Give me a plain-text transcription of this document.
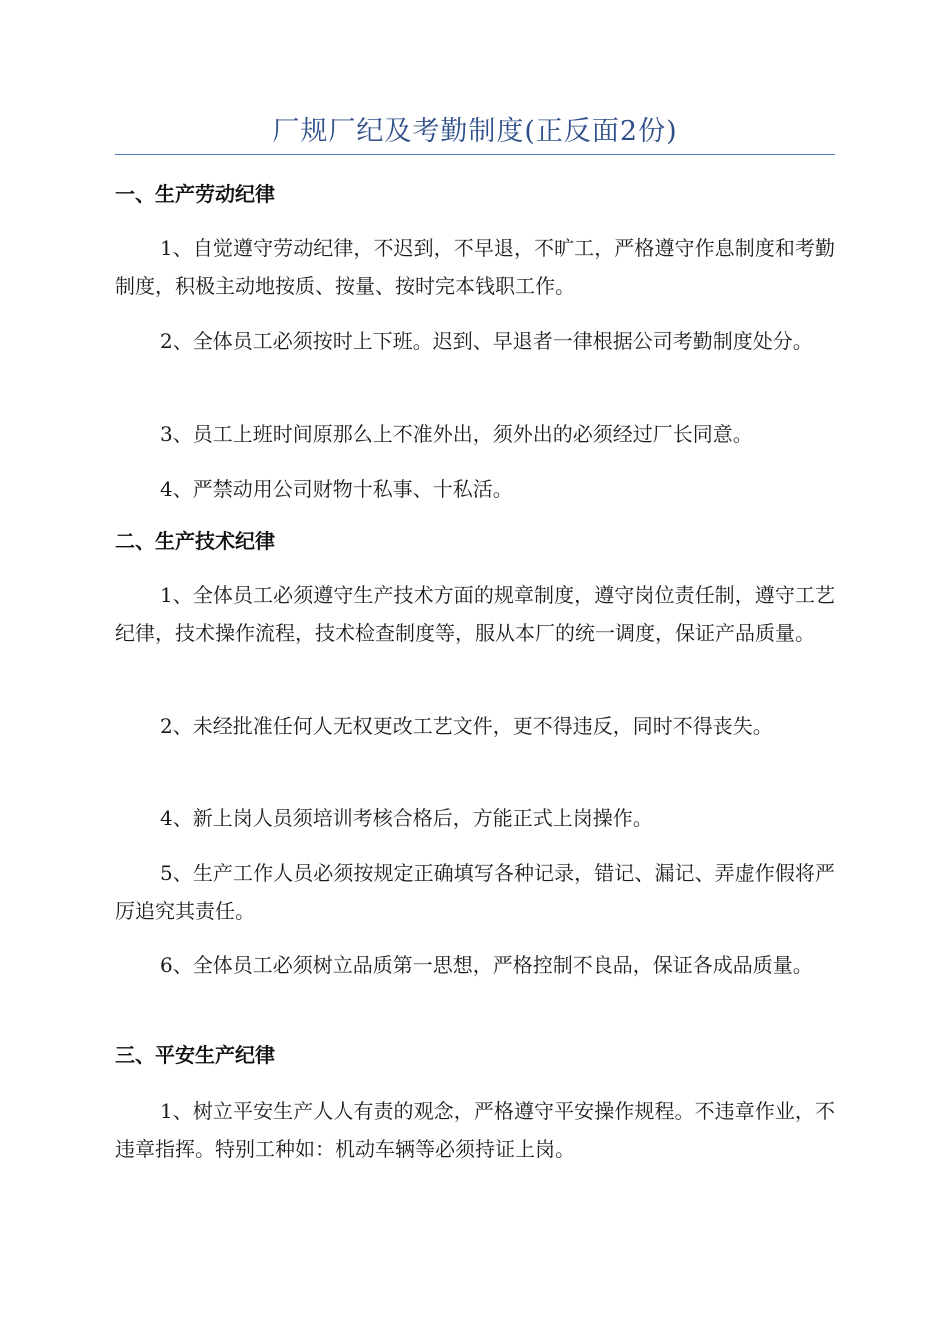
厂规厂纪及考勤制度(正反面2份)
一、生产劳动纪律
1、自觉遵守劳动纪律，不迟到，不早退，不旷工，严格遵守作息制度和考勤制度，积极主动地按质、按量、按时完本钱职工作。
2、全体员工必须按时上下班。迟到、早退者一律根据公司考勤制度处分。
3、员工上班时间原那么上不准外出，须外出的必须经过厂长同意。
4、严禁动用公司财物十私事、十私活。
二、生产技术纪律
1、全体员工必须遵守生产技术方面的规章制度，遵守岗位责任制，遵守工艺纪律，技术操作流程，技术检查制度等，服从本厂的统一调度，保证产品质量。
2、未经批准任何人无权更改工艺文件，更不得违反，同时不得丧失。
4、新上岗人员须培训考核合格后，方能正式上岗操作。
5、生产工作人员必须按规定正确填写各种记录，错记、漏记、弄虚作假将严厉追究其责任。
6、全体员工必须树立品质第一思想，严格控制不良品，保证各成品质量。
三、平安生产纪律
1、树立平安生产人人有责的观念，严格遵守平安操作规程。不违章作业，不违章指挥。特别工种如：机动车辆等必须持证上岗。
